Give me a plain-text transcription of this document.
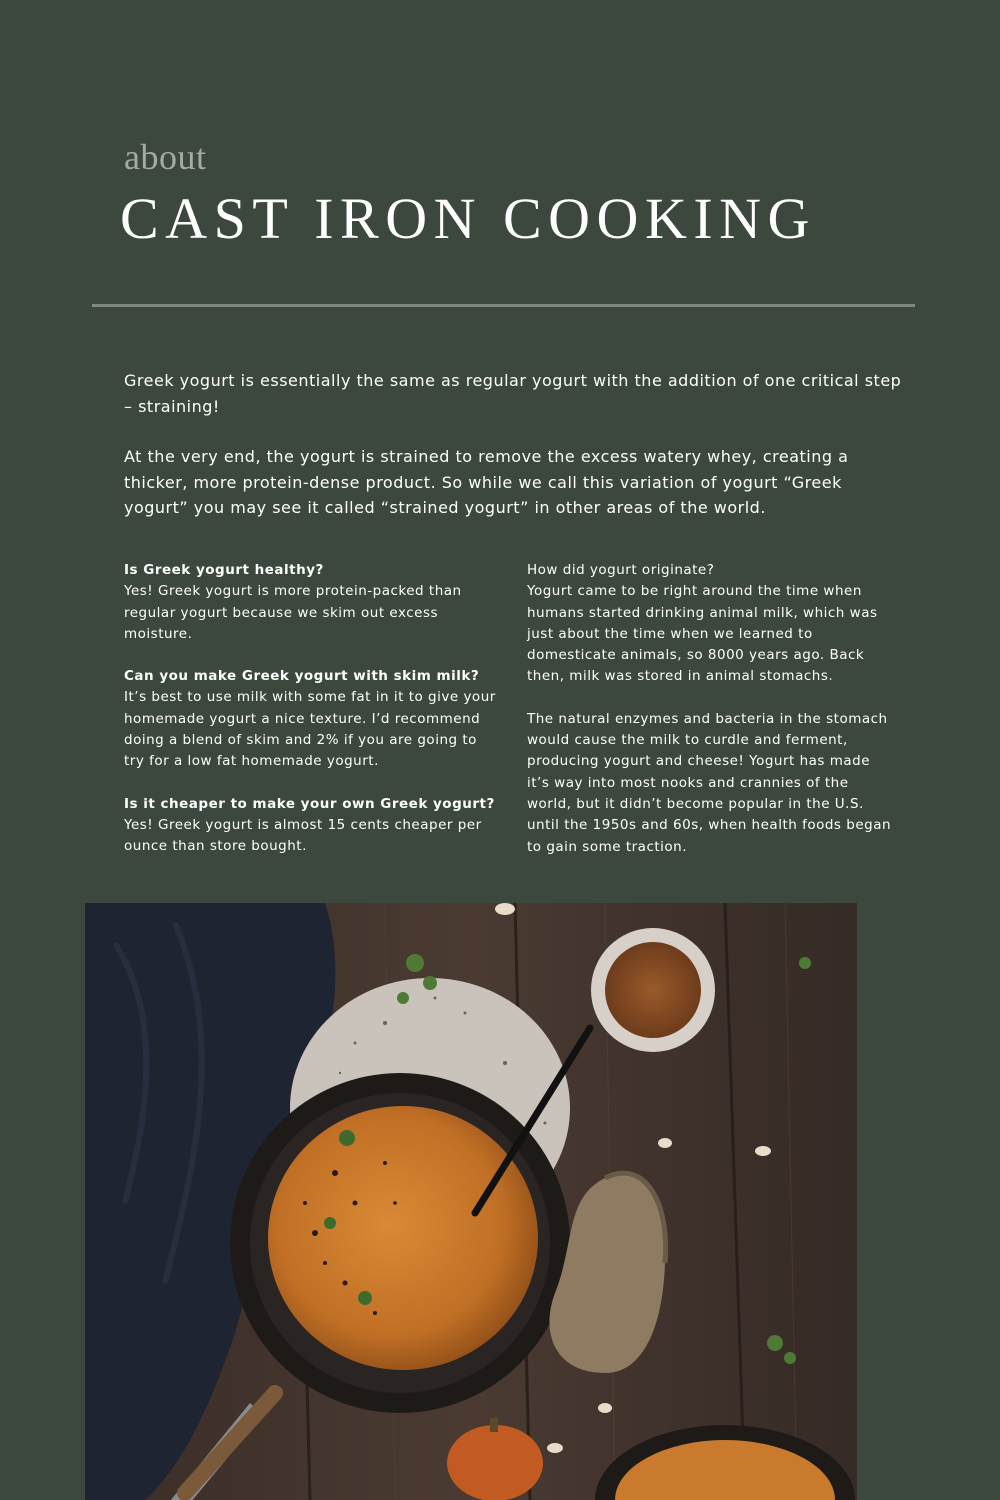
about
CAST IRON COOKING

Greek yogurt is essentially the same as regular yogurt with the addition of one critical step – straining!

At the very end, the yogurt is strained to remove the excess watery whey, creating a thicker, more protein-dense product. So while we call this variation of yogurt “Greek yogurt” you may see it called “strained yogurt” in other areas of the world.

Is Greek yogurt healthy?
Yes! Greek yogurt is more protein-packed than regular yogurt because we skim out excess moisture.
Can you make Greek yogurt with skim milk?
It’s best to use milk with some fat in it to give your homemade yogurt a nice texture. I’d recommend doing a blend of skim and 2% if you are going to try for a low fat homemade yogurt.
Is it cheaper to make your own Greek yogurt?
Yes! Greek yogurt is almost 15 cents cheaper per ounce than store bought.
How did yogurt originate?
Yogurt came to be right around the time when humans started drinking animal milk, which was just about the time when we learned to domesticate animals, so 8000 years ago. Back then, milk was stored in animal stomachs.

The natural enzymes and bacteria in the stomach would cause the milk to curdle and ferment, producing yogurt and cheese! Yogurt has made it’s way into most nooks and crannies of the world, but it didn’t become popular in the U.S. until the 1950s and 60s, when health foods began to gain some traction.
